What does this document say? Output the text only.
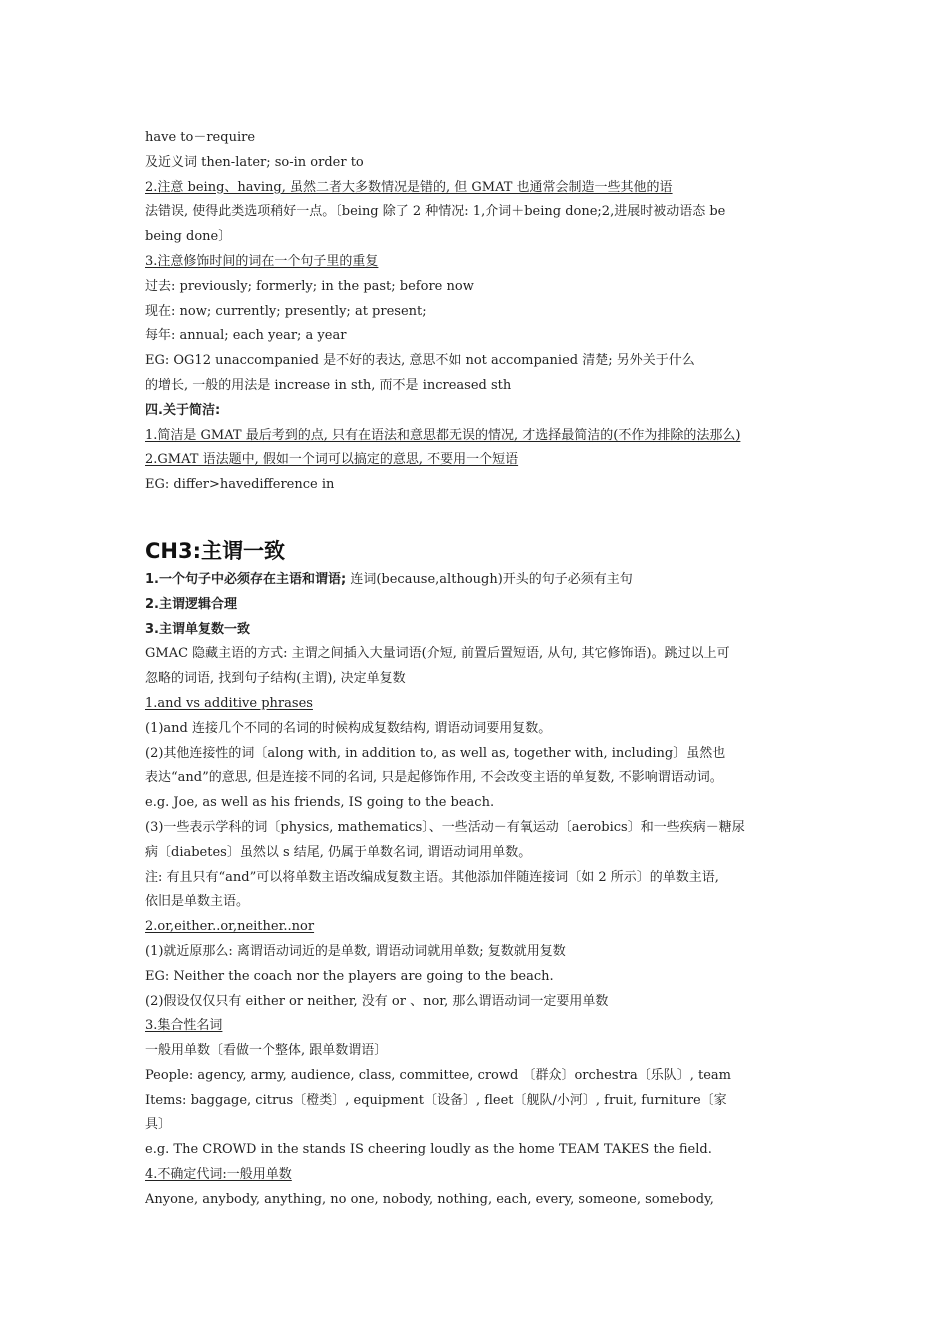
have to－require
及近义词 then-later; so-in order to
2.注意 being、having, 虽然二者大多数情况是错的, 但 GMAT 也通常会制造一些其他的语
法错误, 使得此类选项稍好一点。〔being 除了 2 种情况: 1,介词＋being done;2,进展时被动语态 be
being done〕
3.注意修饰时间的词在一个句子里的重复
过去: previously; formerly; in the past; before now
现在: now; currently; presently; at present;
每年: annual; each year; a year
EG: OG12 unaccompanied 是不好的表达, 意思不如 not accompanied 清楚; 另外关于什么
的增长, 一般的用法是 increase in sth, 而不是 increased sth
四.关于简洁:
1.简洁是 GMAT 最后考到的点, 只有在语法和意思都无误的情况, 才选择最简洁的(不作为排除的法那么)
2.GMAT 语法题中, 假如一个词可以搞定的意思, 不要用一个短语
EG: differ>havedifference in
CH3:主谓一致
1.一个句子中必须存在主语和谓语; 连词(because,although)开头的句子必须有主句
2.主谓逻辑合理
3.主谓单复数一致
GMAC 隐藏主语的方式: 主谓之间插入大量词语(介短, 前置后置短语, 从句, 其它修饰语)。跳过以上可
忽略的词语, 找到句子结构(主谓), 决定单复数
1.and vs additive phrases
(1)and 连接几个不同的名词的时候构成复数结构, 谓语动词要用复数。
(2)其他连接性的词〔along with, in addition to, as well as, together with, including〕虽然也
表达“and”的意思, 但是连接不同的名词, 只是起修饰作用, 不会改变主语的单复数, 不影响谓语动词。
e.g. Joe, as well as his friends, IS going to the beach.
(3)一些表示学科的词〔physics, mathematics〕、一些活动－有氧运动〔aerobics〕和一些疾病－糖尿
病〔diabetes〕虽然以 s 结尾, 仍属于单数名词, 谓语动词用单数。
注: 有且只有“and”可以将单数主语改编成复数主语。其他添加伴随连接词〔如 2 所示〕的单数主语,
依旧是单数主语。
2.or,either..or,neither..nor
(1)就近原那么: 离谓语动词近的是单数, 谓语动词就用单数; 复数就用复数
EG: Neither the coach nor the players are going to the beach.
(2)假设仅仅只有 either or neither, 没有 or 、nor, 那么谓语动词一定要用单数
3.集合性名词
一般用单数〔看做一个整体, 跟单数谓语〕
People: agency, army, audience, class, committee, crowd 〔群众〕orchestra〔乐队〕, team
Items: baggage, citrus〔橙类〕, equipment〔设备〕, fleet〔舰队/小河〕, fruit, furniture〔家
具〕
e.g. The CROWD in the stands IS cheering loudly as the home TEAM TAKES the field.
4.不确定代词:一般用单数
Anyone, anybody, anything, no one, nobody, nothing, each, every, someone, somebody,
